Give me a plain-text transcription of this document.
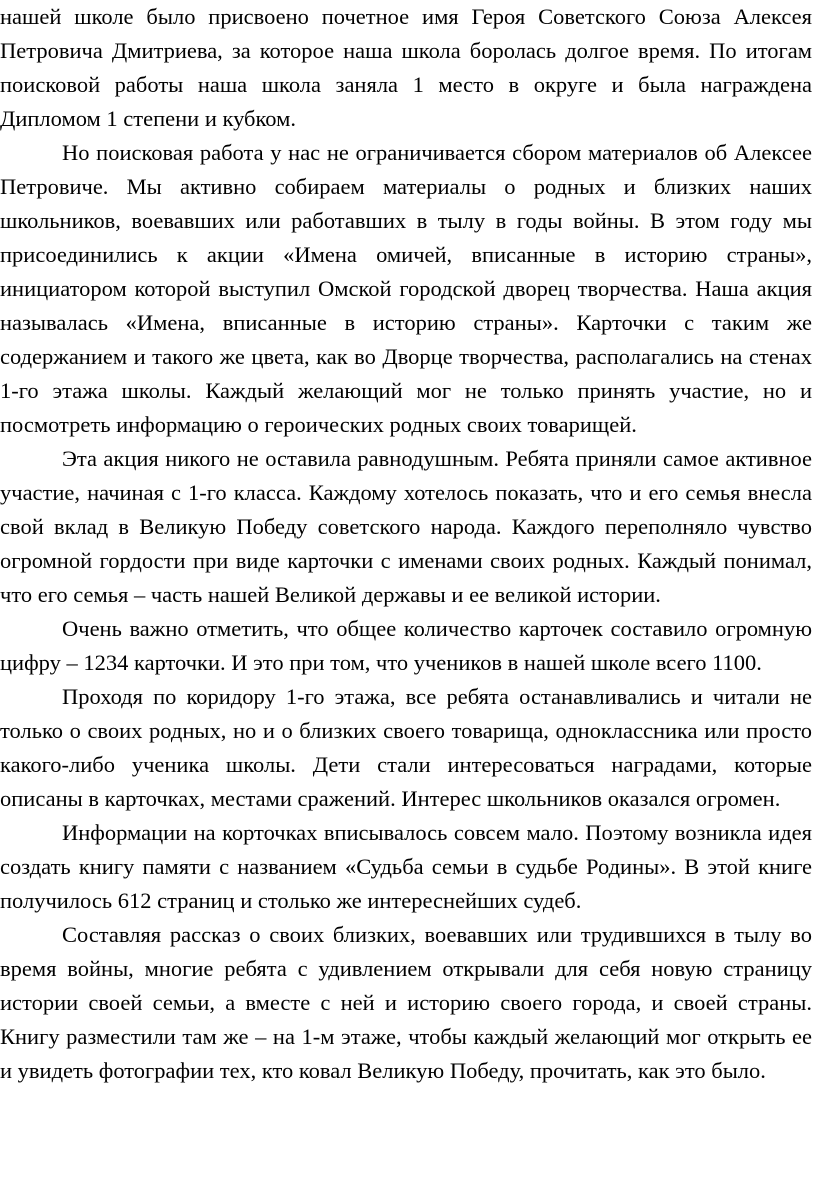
нашей школе было присвоено почетное имя Героя Советского Союза Алексея Петровича Дмитриева, за которое наша школа боролась долгое время. По итогам поисковой работы наша школа заняла 1 место в округе и была награждена Дипломом 1 степени и кубком.

Но поисковая работа у нас не ограничивается сбором материалов об Алексее Петровиче. Мы активно собираем материалы о родных и близких наших школьников, воевавших или работавших в тылу в годы войны. В этом году мы присоединились к акции «Имена омичей, вписанные в историю страны», инициатором которой выступил Омской городской дворец творчества. Наша акция называлась «Имена, вписанные в историю страны». Карточки с таким же содержанием и такого же цвета, как во Дворце творчества, располагались на стенах 1-го этажа школы. Каждый желающий мог не только принять участие, но и посмотреть информацию о героических родных своих товарищей.

Эта акция никого не оставила равнодушным. Ребята приняли самое активное участие, начиная с 1-го класса. Каждому хотелось показать, что и его семья внесла свой вклад в Великую Победу советского народа. Каждого переполняло чувство огромной гордости при виде карточки с именами своих родных. Каждый понимал, что его семья – часть нашей Великой державы и ее великой истории.

Очень важно отметить, что общее количество карточек составило огромную цифру – 1234 карточки. И это при том, что учеников в нашей школе всего 1100.

Проходя по коридору 1-го этажа, все ребята останавливались и читали не только о своих родных, но и о близких своего товарища, одноклассника или просто какого-либо ученика школы. Дети стали интересоваться наградами, которые описаны в карточках, местами сражений. Интерес школьников оказался огромен.

Информации на корточках вписывалось совсем мало. Поэтому возникла идея создать книгу памяти с названием «Судьба семьи в судьбе Родины». В этой книге получилось 612 страниц и столько же интереснейших судеб.

Составляя рассказ о своих близких, воевавших или трудившихся в тылу во время войны, многие ребята с удивлением открывали для себя новую страницу истории своей семьи, а вместе с ней и историю своего города, и своей страны. Книгу разместили там же – на 1-м этаже, чтобы каждый желающий мог открыть ее и увидеть фотографии тех, кто ковал Великую Победу, прочитать, как это было.
